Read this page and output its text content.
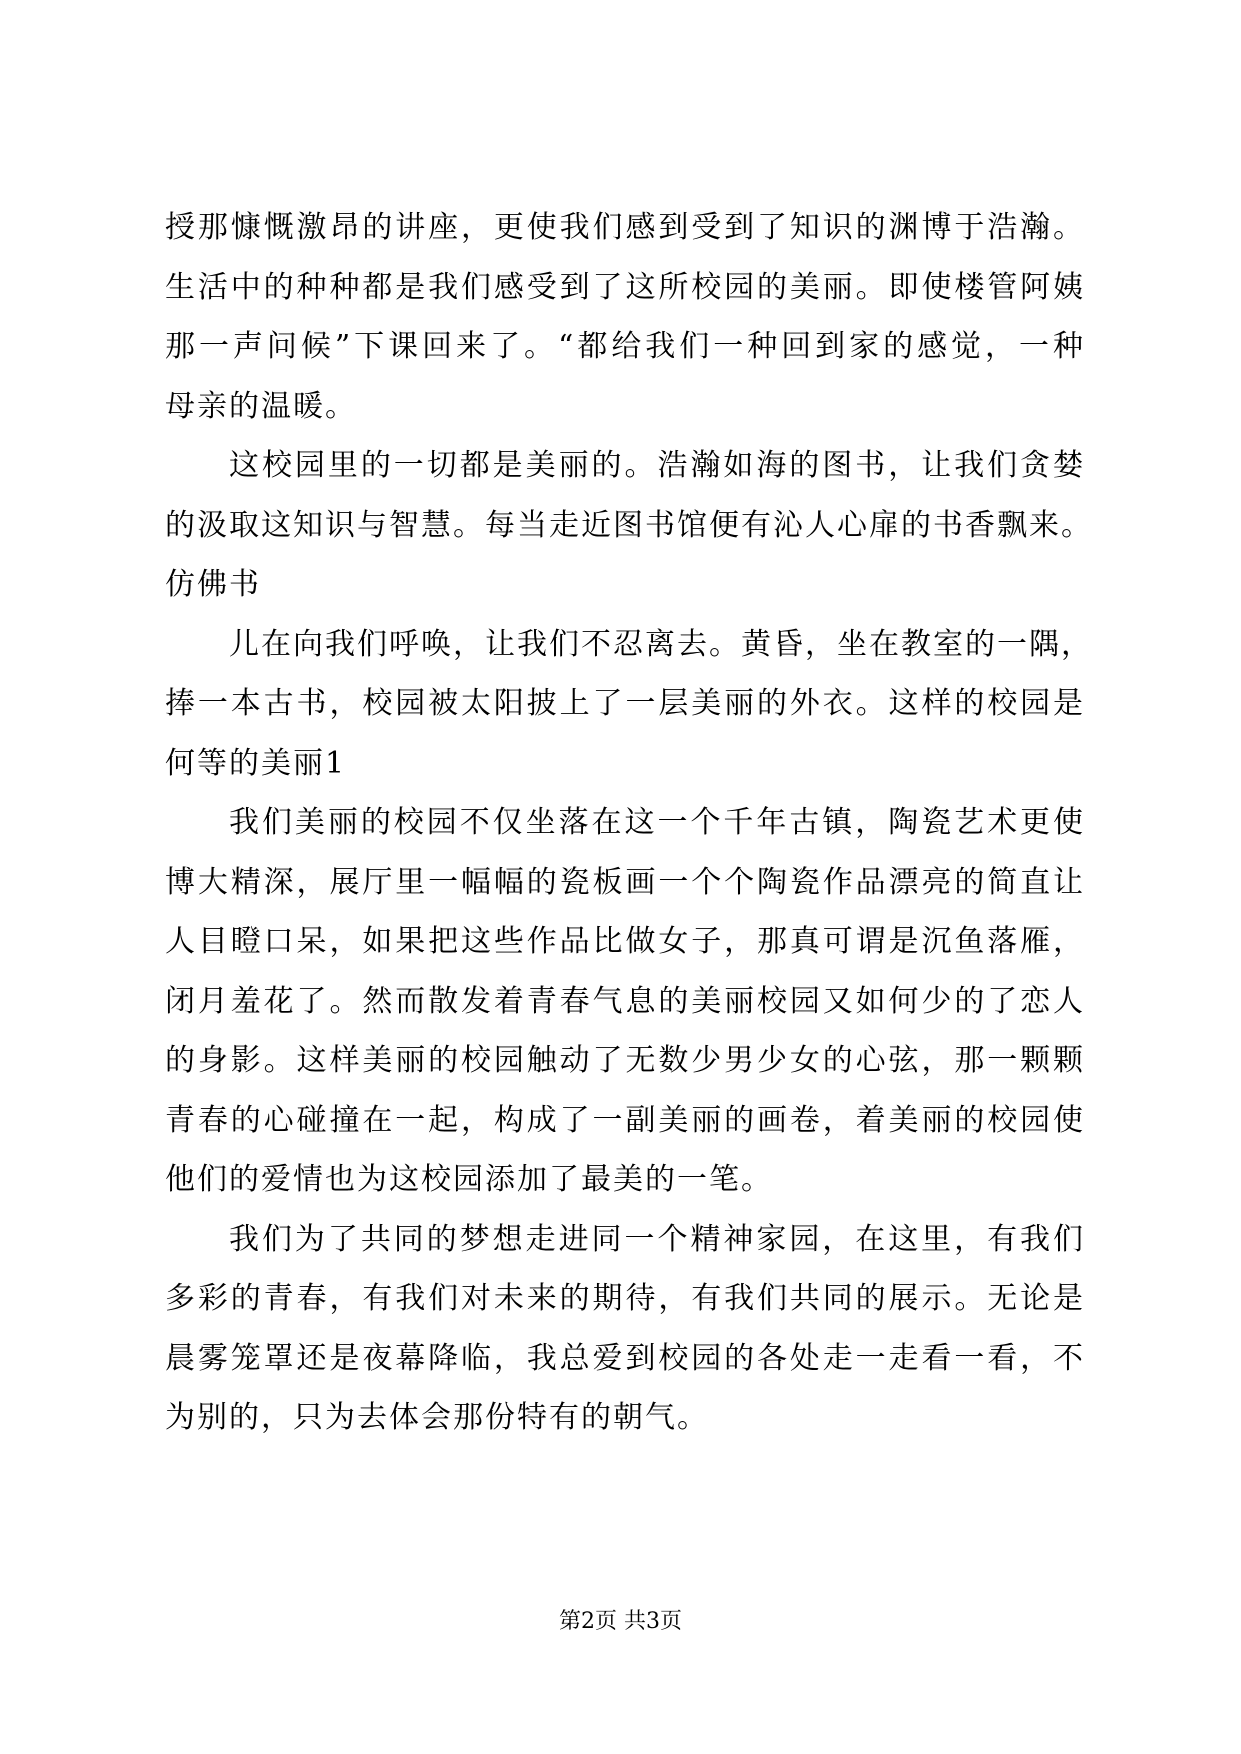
授那慷慨激昂的讲座，更使我们感到受到了知识的渊博于浩瀚。
生活中的种种都是我们感受到了这所校园的美丽。即使楼管阿姨
那一声问候”下课回来了。“都给我们一种回到家的感觉，一种
母亲的温暖。
这校园里的一切都是美丽的。浩瀚如海的图书，让我们贪婪
的汲取这知识与智慧。每当走近图书馆便有沁人心扉的书香飘来。
仿佛书
儿在向我们呼唤，让我们不忍离去。黄昏，坐在教室的一隅，
捧一本古书，校园被太阳披上了一层美丽的外衣。这样的校园是
何等的美丽1
我们美丽的校园不仅坐落在这一个千年古镇，陶瓷艺术更使
博大精深，展厅里一幅幅的瓷板画一个个陶瓷作品漂亮的简直让
人目瞪口呆，如果把这些作品比做女子，那真可谓是沉鱼落雁，
闭月羞花了。然而散发着青春气息的美丽校园又如何少的了恋人
的身影。这样美丽的校园触动了无数少男少女的心弦，那一颗颗
青春的心碰撞在一起，构成了一副美丽的画卷，着美丽的校园使
他们的爱情也为这校园添加了最美的一笔。
我们为了共同的梦想走进同一个精神家园，在这里，有我们
多彩的青春，有我们对未来的期待，有我们共同的展示。无论是
晨雾笼罩还是夜幕降临，我总爱到校园的各处走一走看一看，不
为别的，只为去体会那份特有的朝气。
第2页 共3页
